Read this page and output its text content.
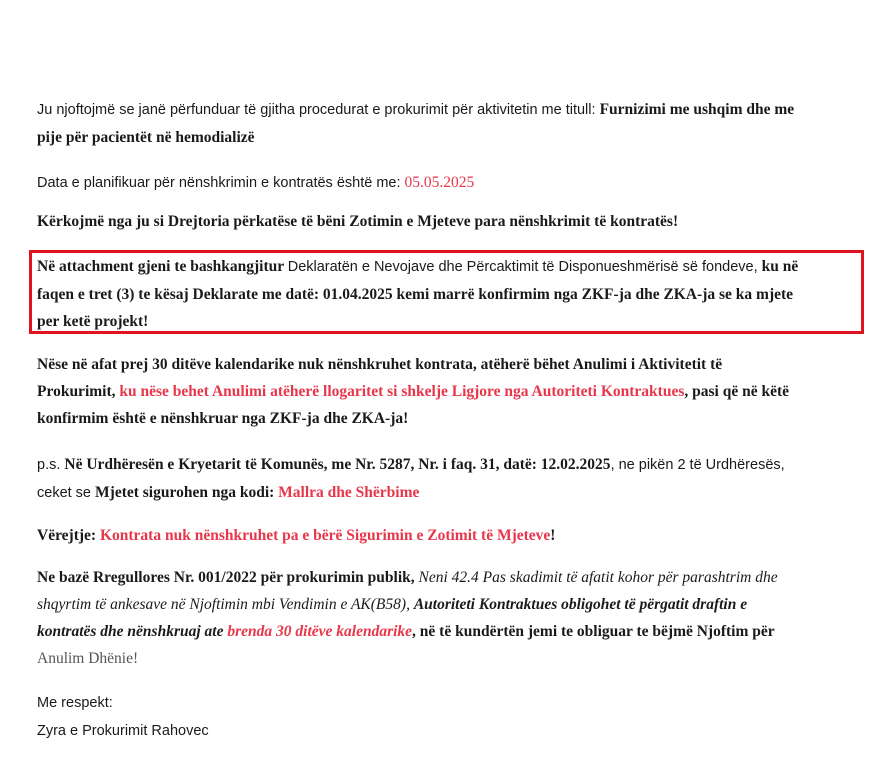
Ju njoftojmë se janë përfunduar të gjitha procedurat e prokurimit për aktivitetin me titull: Furnizimi me ushqim dhe me
pije për pacientët në hemodializë

Data e planifikuar për nënshkrimin e kontratës është me: 05.05.2025

Kërkojmë nga ju si Drejtoria përkatëse të bëni Zotimin e Mjeteve para nënshkrimit të kontratës!

Në attachment gjeni te bashkangjitur Deklaratën e Nevojave dhe Përcaktimit të Disponueshmërisë së fondeve, ku në
faqen e tret (3) te kësaj Deklarate me datë: 01.04.2025 kemi marrë konfirmim nga ZKF-ja dhe ZKA-ja se ka mjete
per ketë projekt!

Nëse në afat prej 30 ditëve kalendarike nuk nënshkruhet kontrata, atëherë bëhet Anulimi i Aktivitetit të
Prokurimit, ku nëse behet Anulimi atëherë llogaritet si shkelje Ligjore nga Autoriteti Kontraktues, pasi që në këtë
konfirmim është e nënshkruar nga ZKF-ja dhe ZKA-ja!

p.s. Në Urdhëresën e Kryetarit të Komunës, me Nr. 5287, Nr. i faq. 31, datë: 12.02.2025, ne pikën 2 të Urdhëresës,
ceket se Mjetet sigurohen nga kodi: Mallra dhe Shërbime

Vërejtje: Kontrata nuk nënshkruhet pa e bërë Sigurimin e Zotimit të Mjeteve!

Ne bazë Rregullores Nr. 001/2022 për prokurimin publik, Neni 42.4 Pas skadimit të afatit kohor për parashtrim dhe
shqyrtim të ankesave në Njoftimin mbi Vendimin e AK(B58), Autoriteti Kontraktues obligohet të përgatit draftin e
kontratës dhe nënshkruaj ate brenda 30 ditëve kalendarike, në të kundërtën jemi te obliguar te bëjmë Njoftim për
Anulim Dhënie!

Me respekt:

Zyra e Prokurimit Rahovec
